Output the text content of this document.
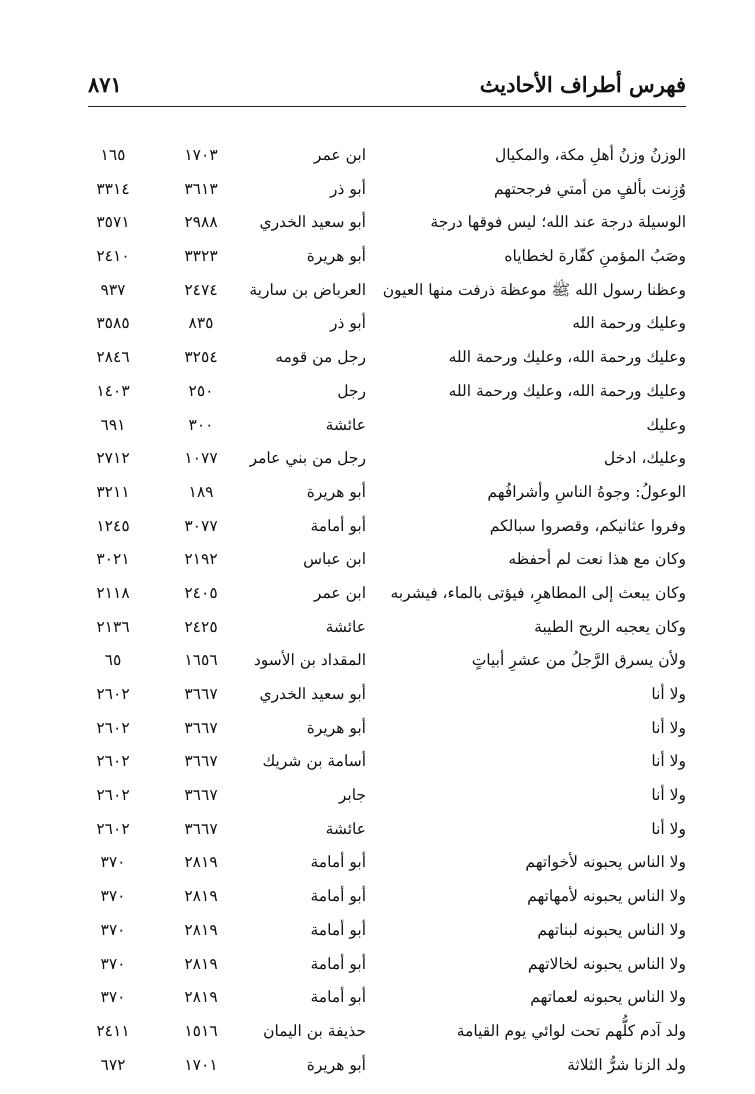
فهرس أطراف الأحاديث
٨٧١
الوزنُ وزنُ أهلِ مكة، والمكيال
ابن عمر
١٧٠٣
١٦٥
وُزِنت بألفٍ من أمتي فرجحتهم
أبو ذر
٣٦١٣
٣٣١٤
الوسيلة درجة عند الله؛ ليس فوقها درجة
أبو سعيد الخدري
٢٩٨٨
٣٥٧١
وصَبُ المؤمنِ كفّارة لخطاياه
أبو هريرة
٣٣٢٣
٢٤١٠
وعظنا رسول الله ﷺ موعظة ذرفت منها العيون
العرباض بن سارية
٢٤٧٤
٩٣٧
وعليك ورحمة الله
أبو ذر
٨٣٥
٣٥٨٥
وعليك ورحمة الله، وعليك ورحمة الله
رجل من قومه
٣٢٥٤
٢٨٤٦
وعليك ورحمة الله، وعليك ورحمة الله
رجل
٢٥٠
١٤٠٣
وعليك
عائشة
٣٠٠
٦٩١
وعليك، ادخل
رجل من بني عامر
١٠٧٧
٢٧١٢
الوعولُ: وجوهُ الناسِ وأشرافُهم
أبو هريرة
١٨٩
٣٢١١
وفروا عثانيكم، وقصروا سبالكم
أبو أمامة
٣٠٧٧
١٢٤٥
وكان مع هذا نعت لم أحفظه
ابن عباس
٢١٩٢
٣٠٢١
وكان يبعث إلى المطاهرِ، فيؤتى بالماء، فيشربه
ابن عمر
٢٤٠٥
٢١١٨
وكان يعجبه الريح الطيبة
عائشة
٢٤٢٥
٢١٣٦
ولأن يسرق الرَّجلُ من عشرِ أبياتٍ
المقداد بن الأسود
١٦٥٦
٦٥
ولا أنا
أبو سعيد الخدري
٣٦٦٧
٢٦٠٢
ولا أنا
أبو هريرة
٣٦٦٧
٢٦٠٢
ولا أنا
أسامة بن شريك
٣٦٦٧
٢٦٠٢
ولا أنا
جابر
٣٦٦٧
٢٦٠٢
ولا أنا
عائشة
٣٦٦٧
٢٦٠٢
ولا الناس يحبونه لأخواتهم
أبو أمامة
٢٨١٩
٣٧٠
ولا الناس يحبونه لأمهاتهم
أبو أمامة
٢٨١٩
٣٧٠
ولا الناس يحبونه لبناتهم
أبو أمامة
٢٨١٩
٣٧٠
ولا الناس يحبونه لخالاتهم
أبو أمامة
٢٨١٩
٣٧٠
ولا الناس يحبونه لعماتهم
أبو أمامة
٢٨١٩
٣٧٠
ولد آدم كلُّهم تحت لوائي يوم القيامة
حذيفة بن اليمان
١٥١٦
٢٤١١
ولد الزنا شرُّ الثلاثة
أبو هريرة
١٧٠١
٦٧٢
